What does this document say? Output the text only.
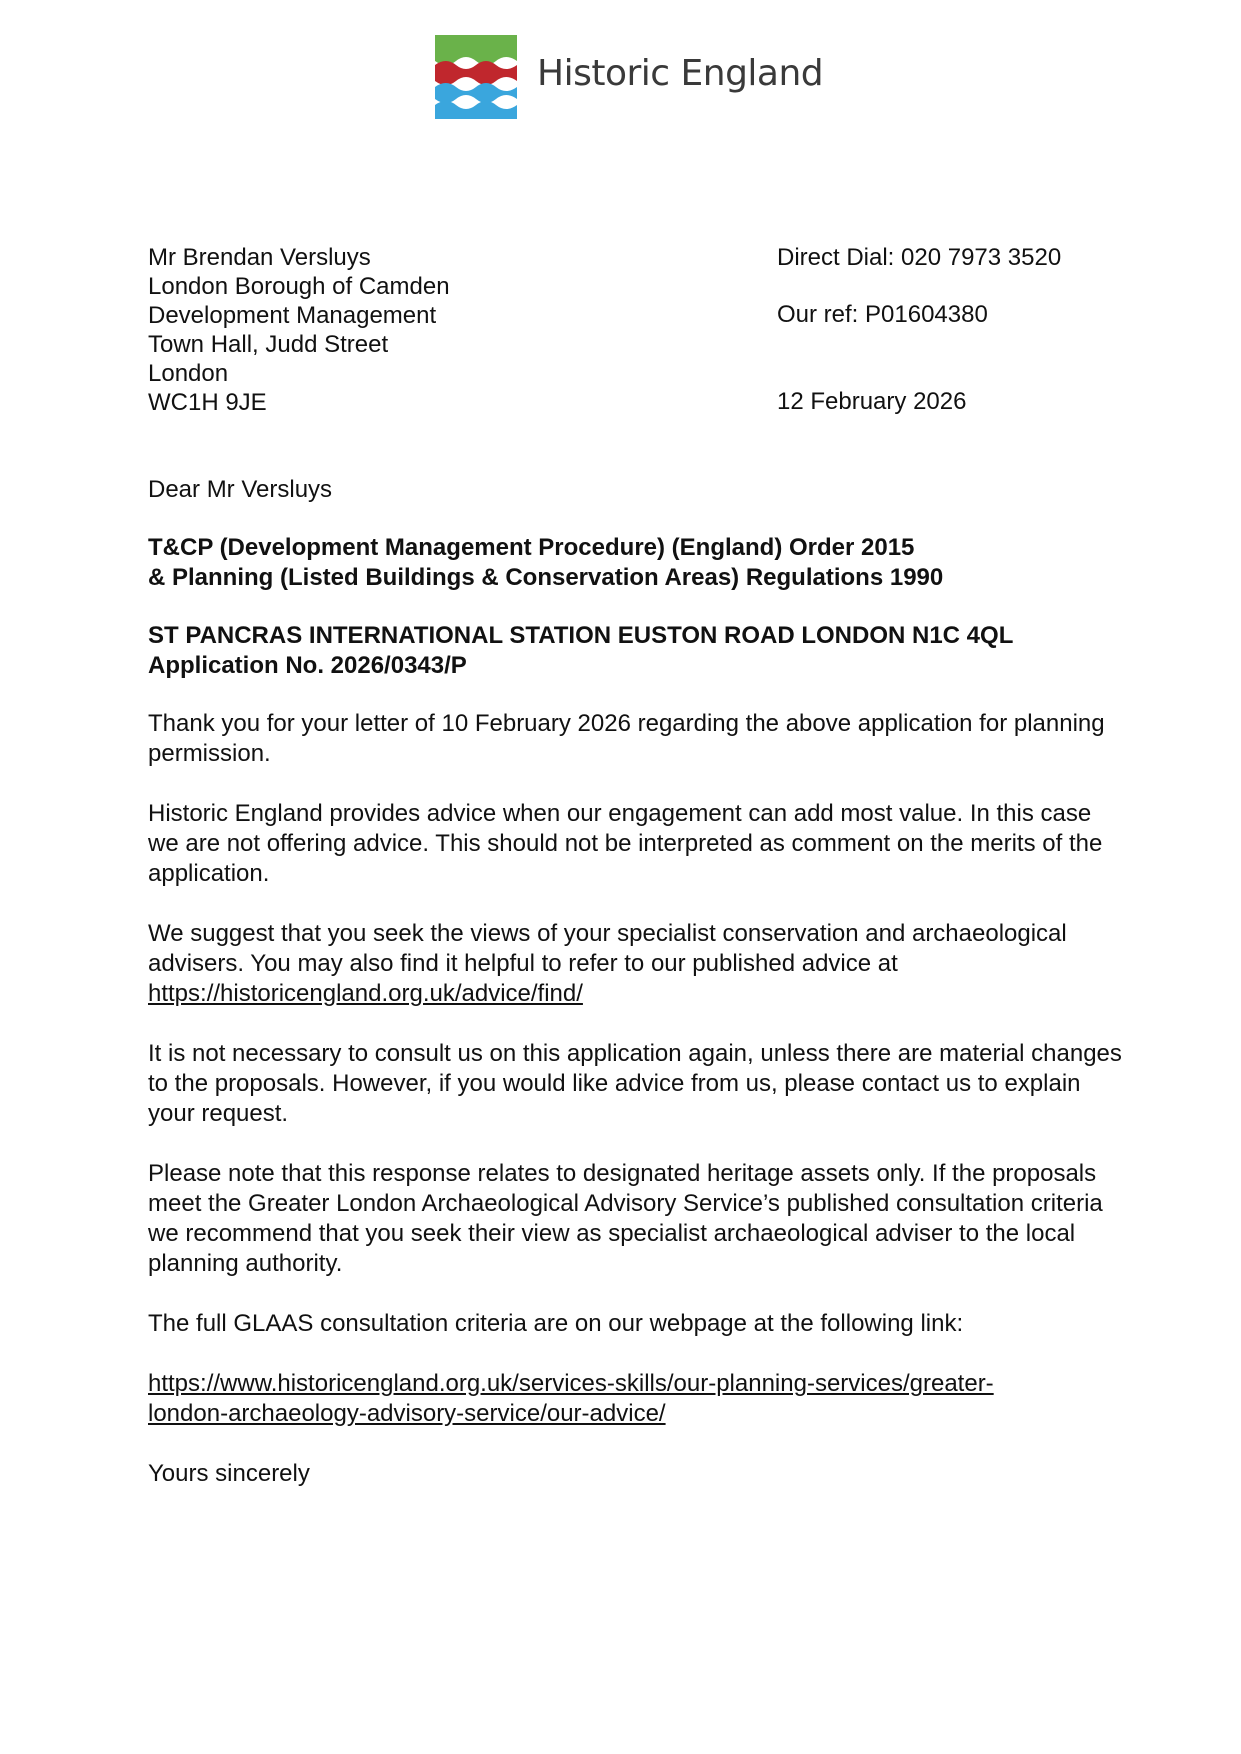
Historic England
Mr Brendan Versluys
London Borough of Camden
Development Management
Town Hall, Judd Street
London
WC1H 9JE
Direct Dial: 020 7973 3520
Our ref: P01604380
12 February 2026

Dear Mr Versluys

T&CP (Development Management Procedure) (England) Order 2015

& Planning (Listed Buildings & Conservation Areas) Regulations 1990

ST PANCRAS INTERNATIONAL STATION EUSTON ROAD LONDON N1C 4QL

Application No. 2026/0343/P

Thank you for your letter of 10 February 2026 regarding the above application for planning permission.

Historic England provides advice when our engagement can add most value. In this case we are not offering advice. This should not be interpreted as comment on the merits of the application.

We suggest that you seek the views of your specialist conservation and archaeological advisers. You may also find it helpful to refer to our published advice at
https://historicengland.org.uk/advice/find/

It is not necessary to consult us on this application again, unless there are material changes to the proposals. However, if you would like advice from us, please contact us to explain your request.

Please note that this response relates to designated heritage assets only. If the proposals meet the Greater London Archaeological Advisory Service’s published consultation criteria we recommend that you seek their view as specialist archaeological adviser to the local planning authority.

The full GLAAS consultation criteria are on our webpage at the following link:

https://www.historicengland.org.uk/services-skills/our-planning-services/greater-london-archaeology-advisory-service/our-advice/

Yours sincerely
